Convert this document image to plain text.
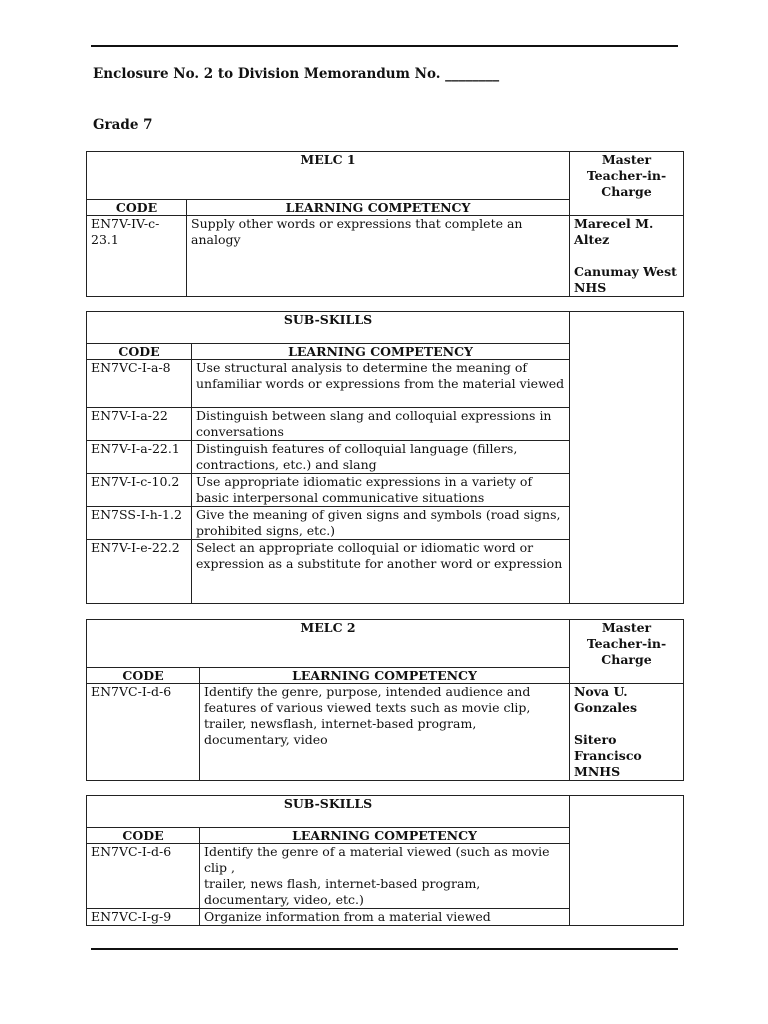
Enclosure No. 2 to Division Memorandum No. ________
Grade 7
MELC 1		Master Teacher-in-Charge
CODE	LEARNING COMPETENCY	
EN7V-IV-c-23.1	Supply other words or expressions that complete an analogy	Marecel M. Altez
Canumay West NHS
SUB-SKILLS		
CODE	LEARNING COMPETENCY	
EN7VC-I-a-8	Use structural analysis to determine the meaning of unfamiliar words or expressions from the material viewed	
EN7V-I-a-22	Distinguish between slang and colloquial expressions in conversations	
EN7V-I-a-22.1	Distinguish features of colloquial language (fillers, contractions, etc.) and slang	
EN7V-I-c-10.2	Use appropriate idiomatic expressions in a variety of basic interpersonal communicative situations	
EN7SS-I-h-1.2	Give the meaning of given signs and symbols (road signs, prohibited signs, etc.)	
EN7V-I-e-22.2	Select an appropriate colloquial or idiomatic word or expression as a substitute for another word or expression	
MELC 2		Master Teacher-in-Charge
CODE	LEARNING COMPETENCY	
EN7VC-I-d-6	Identify the genre, purpose, intended audience and features of various viewed texts such as movie clip, trailer, newsflash, internet-based program, documentary, video	Nova U. Gonzales
Sitero Francisco MNHS
SUB-SKILLS		
CODE	LEARNING COMPETENCY	
EN7VC-I-d-6	Identify the genre of a material viewed (such as movie clip ,
trailer, news flash, internet-based program, documentary, video, etc.)	

EN7VC-I-g-9	Organize information from a material viewed	
